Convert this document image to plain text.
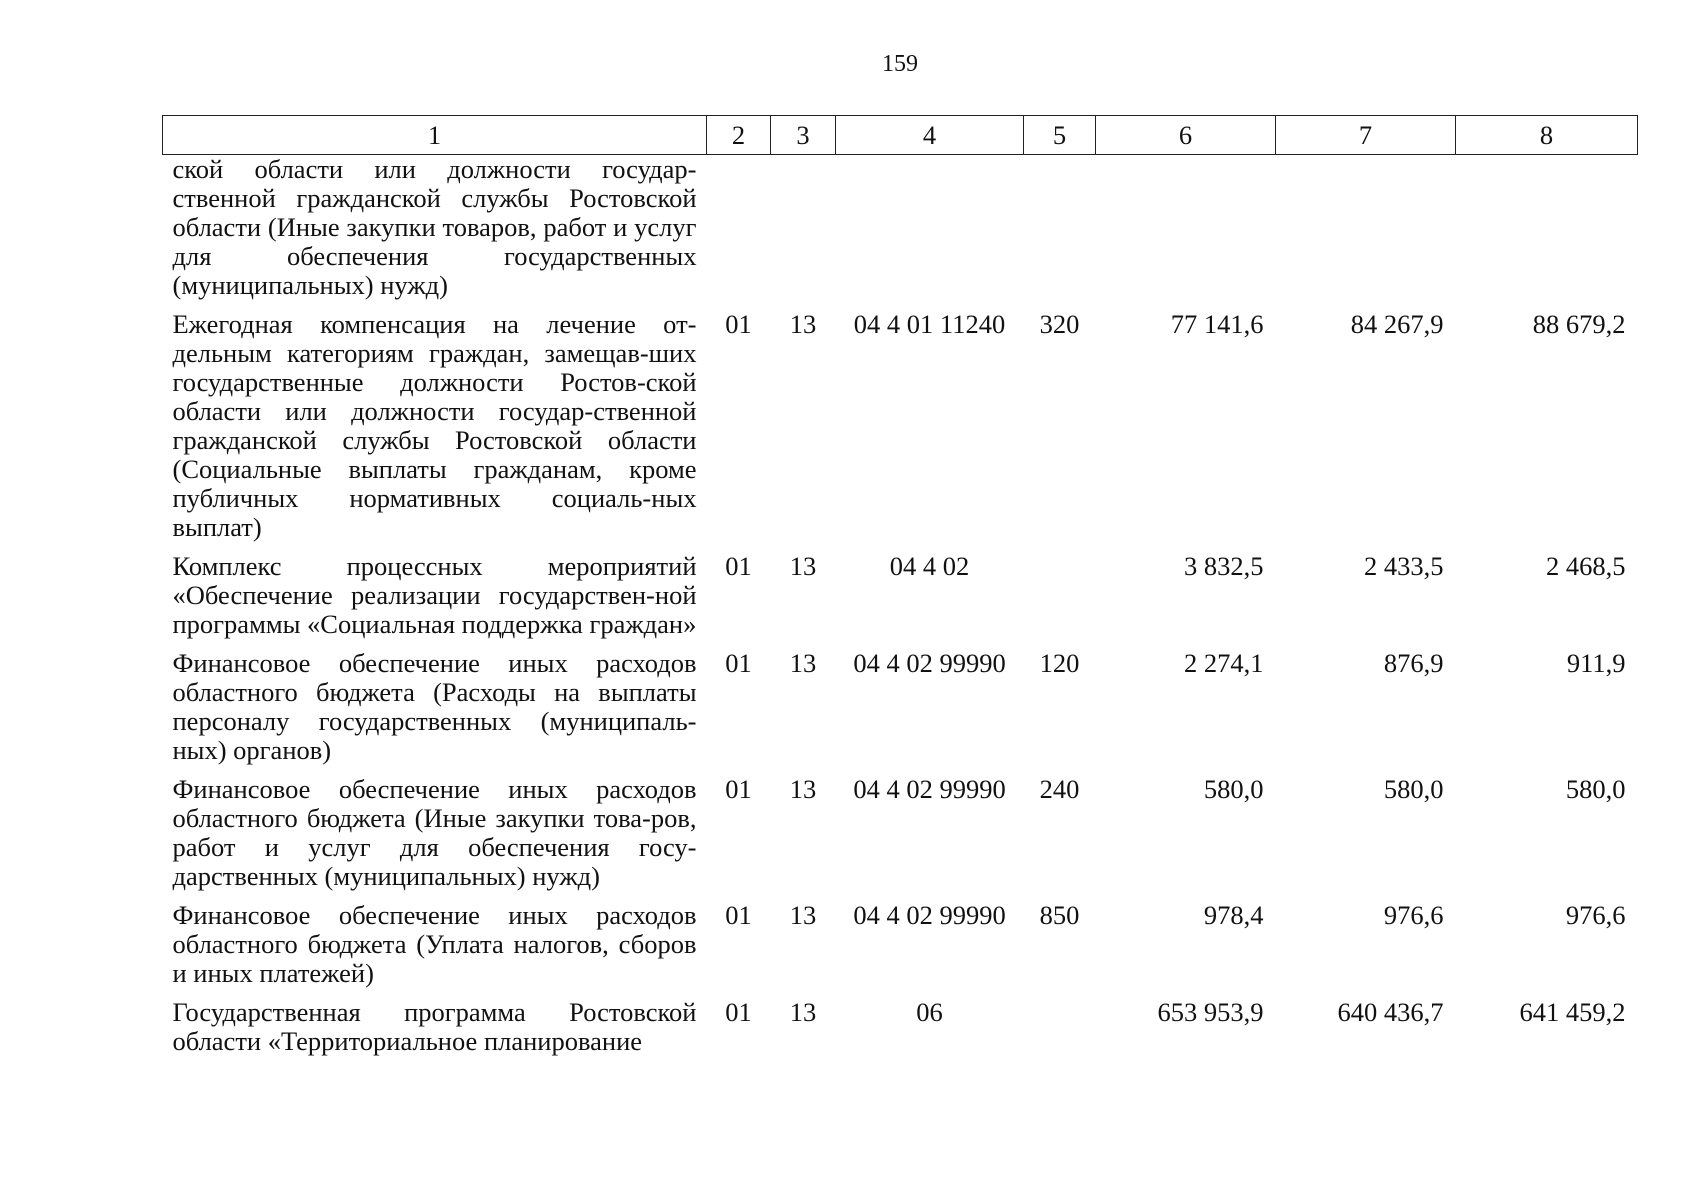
159
1	2	3	4	5	6	7	8
ской области или должности государ-ственной гражданской службы Ростовской области (Иные закупки товаров, работ и услуг для обеспечения государственных (муниципальных) нужд)							
Ежегодная компенсация на лечение от-дельным категориям граждан, замещав-ших государственные должности Ростов-ской области или должности государ-ственной гражданской службы Ростовской области (Социальные выплаты гражданам, кроме публичных нормативных социаль-ных выплат)	01	13	04 4 01 11240	320	77 141,6	84 267,9	88 679,2
Комплекс процессных мероприятий «Обеспечение реализации государствен-ной программы «Социальная поддержка граждан»	01	13	04 4 02		3 832,5	2 433,5	2 468,5
Финансовое обеспечение иных расходов областного бюджета (Расходы на выплаты персоналу государственных (муниципаль-ных) органов)	01	13	04 4 02 99990	120	2 274,1	876,9	911,9
Финансовое обеспечение иных расходов областного бюджета (Иные закупки това-ров, работ и услуг для обеспечения госу-дарственных (муниципальных) нужд)	01	13	04 4 02 99990	240	580,0	580,0	580,0
Финансовое обеспечение иных расходов областного бюджета (Уплата налогов, сборов и иных платежей)	01	13	04 4 02 99990	850	978,4	976,6	976,6
Государственная программа Ростовской области «Территориальное планирование	01	13	06		653 953,9	640 436,7	641 459,2
